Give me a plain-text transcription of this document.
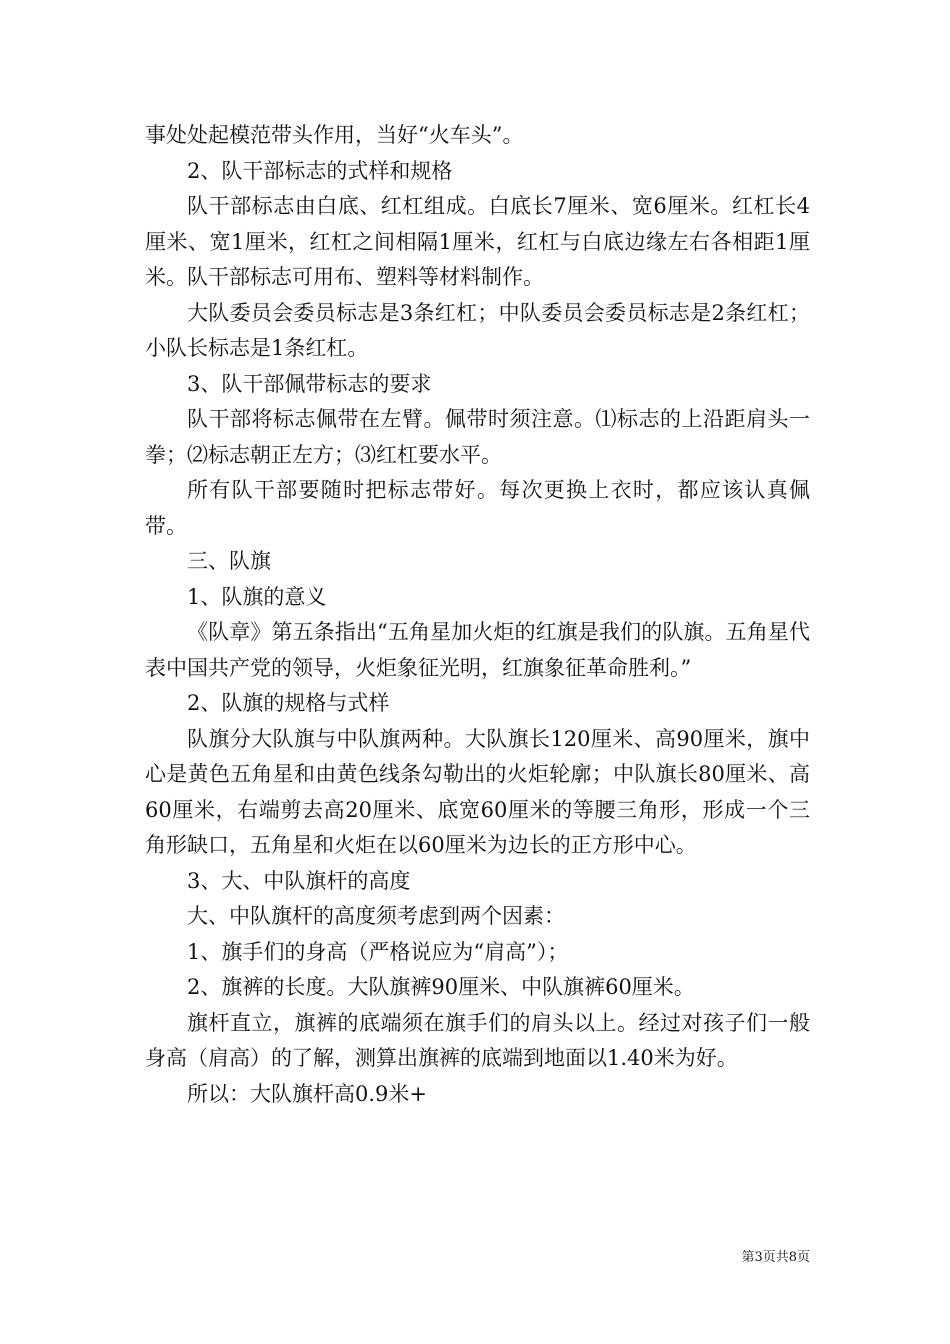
事处处起模范带头作用，当好“火车头”。

2、队干部标志的式样和规格

队干部标志由白底、红杠组成。白底长7厘米、宽6厘米。红杠长4厘米、宽1厘米，红杠之间相隔1厘米，红杠与白底边缘左右各相距1厘米。队干部标志可用布、塑料等材料制作。

大队委员会委员标志是3条红杠；中队委员会委员标志是2条红杠；小队长标志是1条红杠。

3、队干部佩带标志的要求

队干部将标志佩带在左臂。佩带时须注意。⑴标志的上沿距肩头一拳；⑵标志朝正左方；⑶红杠要水平。

所有队干部要随时把标志带好。每次更换上衣时，都应该认真佩带。

三、队旗

1、队旗的意义

《队章》第五条指出“五角星加火炬的红旗是我们的队旗。五角星代表中国共产党的领导，火炬象征光明，红旗象征革命胜利。”

2、队旗的规格与式样

队旗分大队旗与中队旗两种。大队旗长120厘米、高90厘米，旗中心是黄色五角星和由黄色线条勾勒出的火炬轮廓；中队旗长80厘米、高60厘米，右端剪去高20厘米、底宽60厘米的等腰三角形，形成一个三角形缺口，五角星和火炬在以60厘米为边长的正方形中心。

3、大、中队旗杆的高度

大、中队旗杆的高度须考虑到两个因素：

1、旗手们的身高（严格说应为“肩高”）；

2、旗裤的长度。大队旗裤90厘米、中队旗裤60厘米。

旗杆直立，旗裤的底端须在旗手们的肩头以上。经过对孩子们一般身高（肩高）的了解，测算出旗裤的底端到地面以1.40米为好。

所以：大队旗杆高0.9米+

第3页共8页
